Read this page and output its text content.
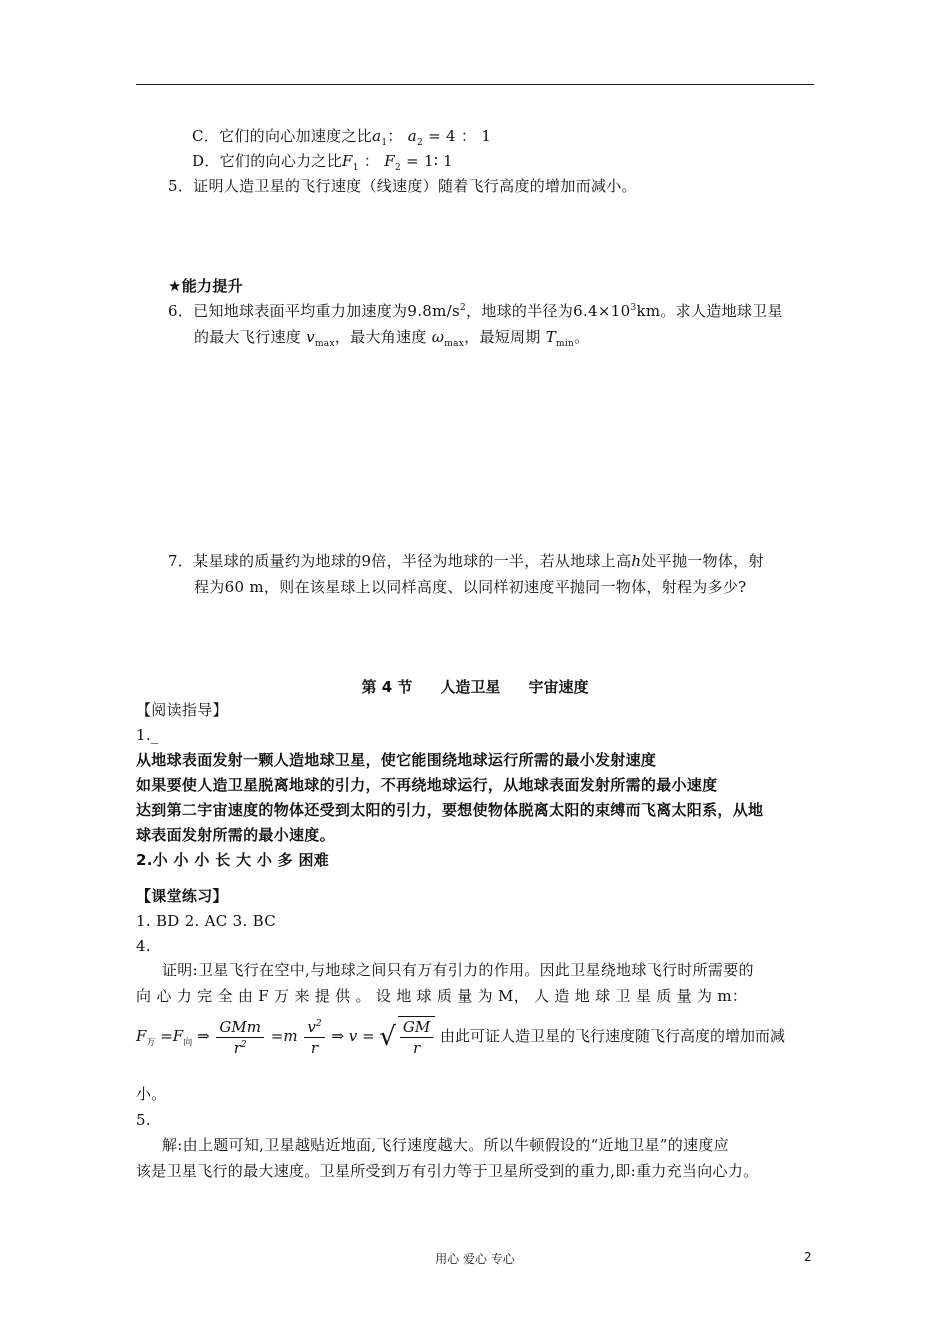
C．它们的向心加速度之比$a_1$： $a_2 = 4$ ： 1
D．它们的向心力之比$F_1$ ： $F_2$ = 1∶ 1
5．证明人造卫星的飞行速度（线速度）随着飞行高度的增加而减小。
★能力提升
6．已知地球表面平均重力加速度为$9.8m/s^2$，地球的半径为$6.4\times 10^3km$。求人造地球卫星
的最大飞行速度 $v_{max}$，最大角速度 $\omega_{max}$，最短周期 $T_{min}$。
7．某星球的质量约为地球的9倍，半径为地球的一半，若从地球上高h处平抛一物体，射
程为60 m，则在该星球上以同样高度、以同样初速度平抛同一物体，射程为多少?
第 4 节 人造卫星 宇宙速度
【阅读指导】
1._
从地球表面发射一颗人造地球卫星，使它能围绕地球运行所需的最小发射速度
如果要使人造卫星脱离地球的引力，不再绕地球运行，从地球表面发射所需的最小速度
达到第二宇宙速度的物体还受到太阳的引力，要想使物体脱离太阳的束缚而飞离太阳系，从地
球表面发射所需的最小速度。
2.小 小 小 长 大 小 多 困难
【课堂练习】
1. BD 2. AC 3. BC
4.
证明:卫星飞行在空中,与地球之间只有万有引力的作用。因此卫星绕地球飞行时所需要的
向 心 力 完 全 由 F 万 来 提 供 。 设 地 球 质 量 为 M， 人 造 地 球 卫 星 质 量 为 m：
$F_万 =F_向$ ⇒ $\frac{\text{GMm}}{r^2} =m \frac{v^2}{r}$ ⇒ v = √ $\frac{GM}{r}$ 由此可证人造卫星的飞行速度随飞行高度的增加而减
小。
5.
解:由上题可知,卫星越贴近地面,飞行速度越大。所以牛顿假设的“近地卫星”的速度应
该是卫星飞行的最大速度。卫星所受到万有引力等于卫星所受到的重力,即:重力充当向心力。
用心 爱心 专心	2
